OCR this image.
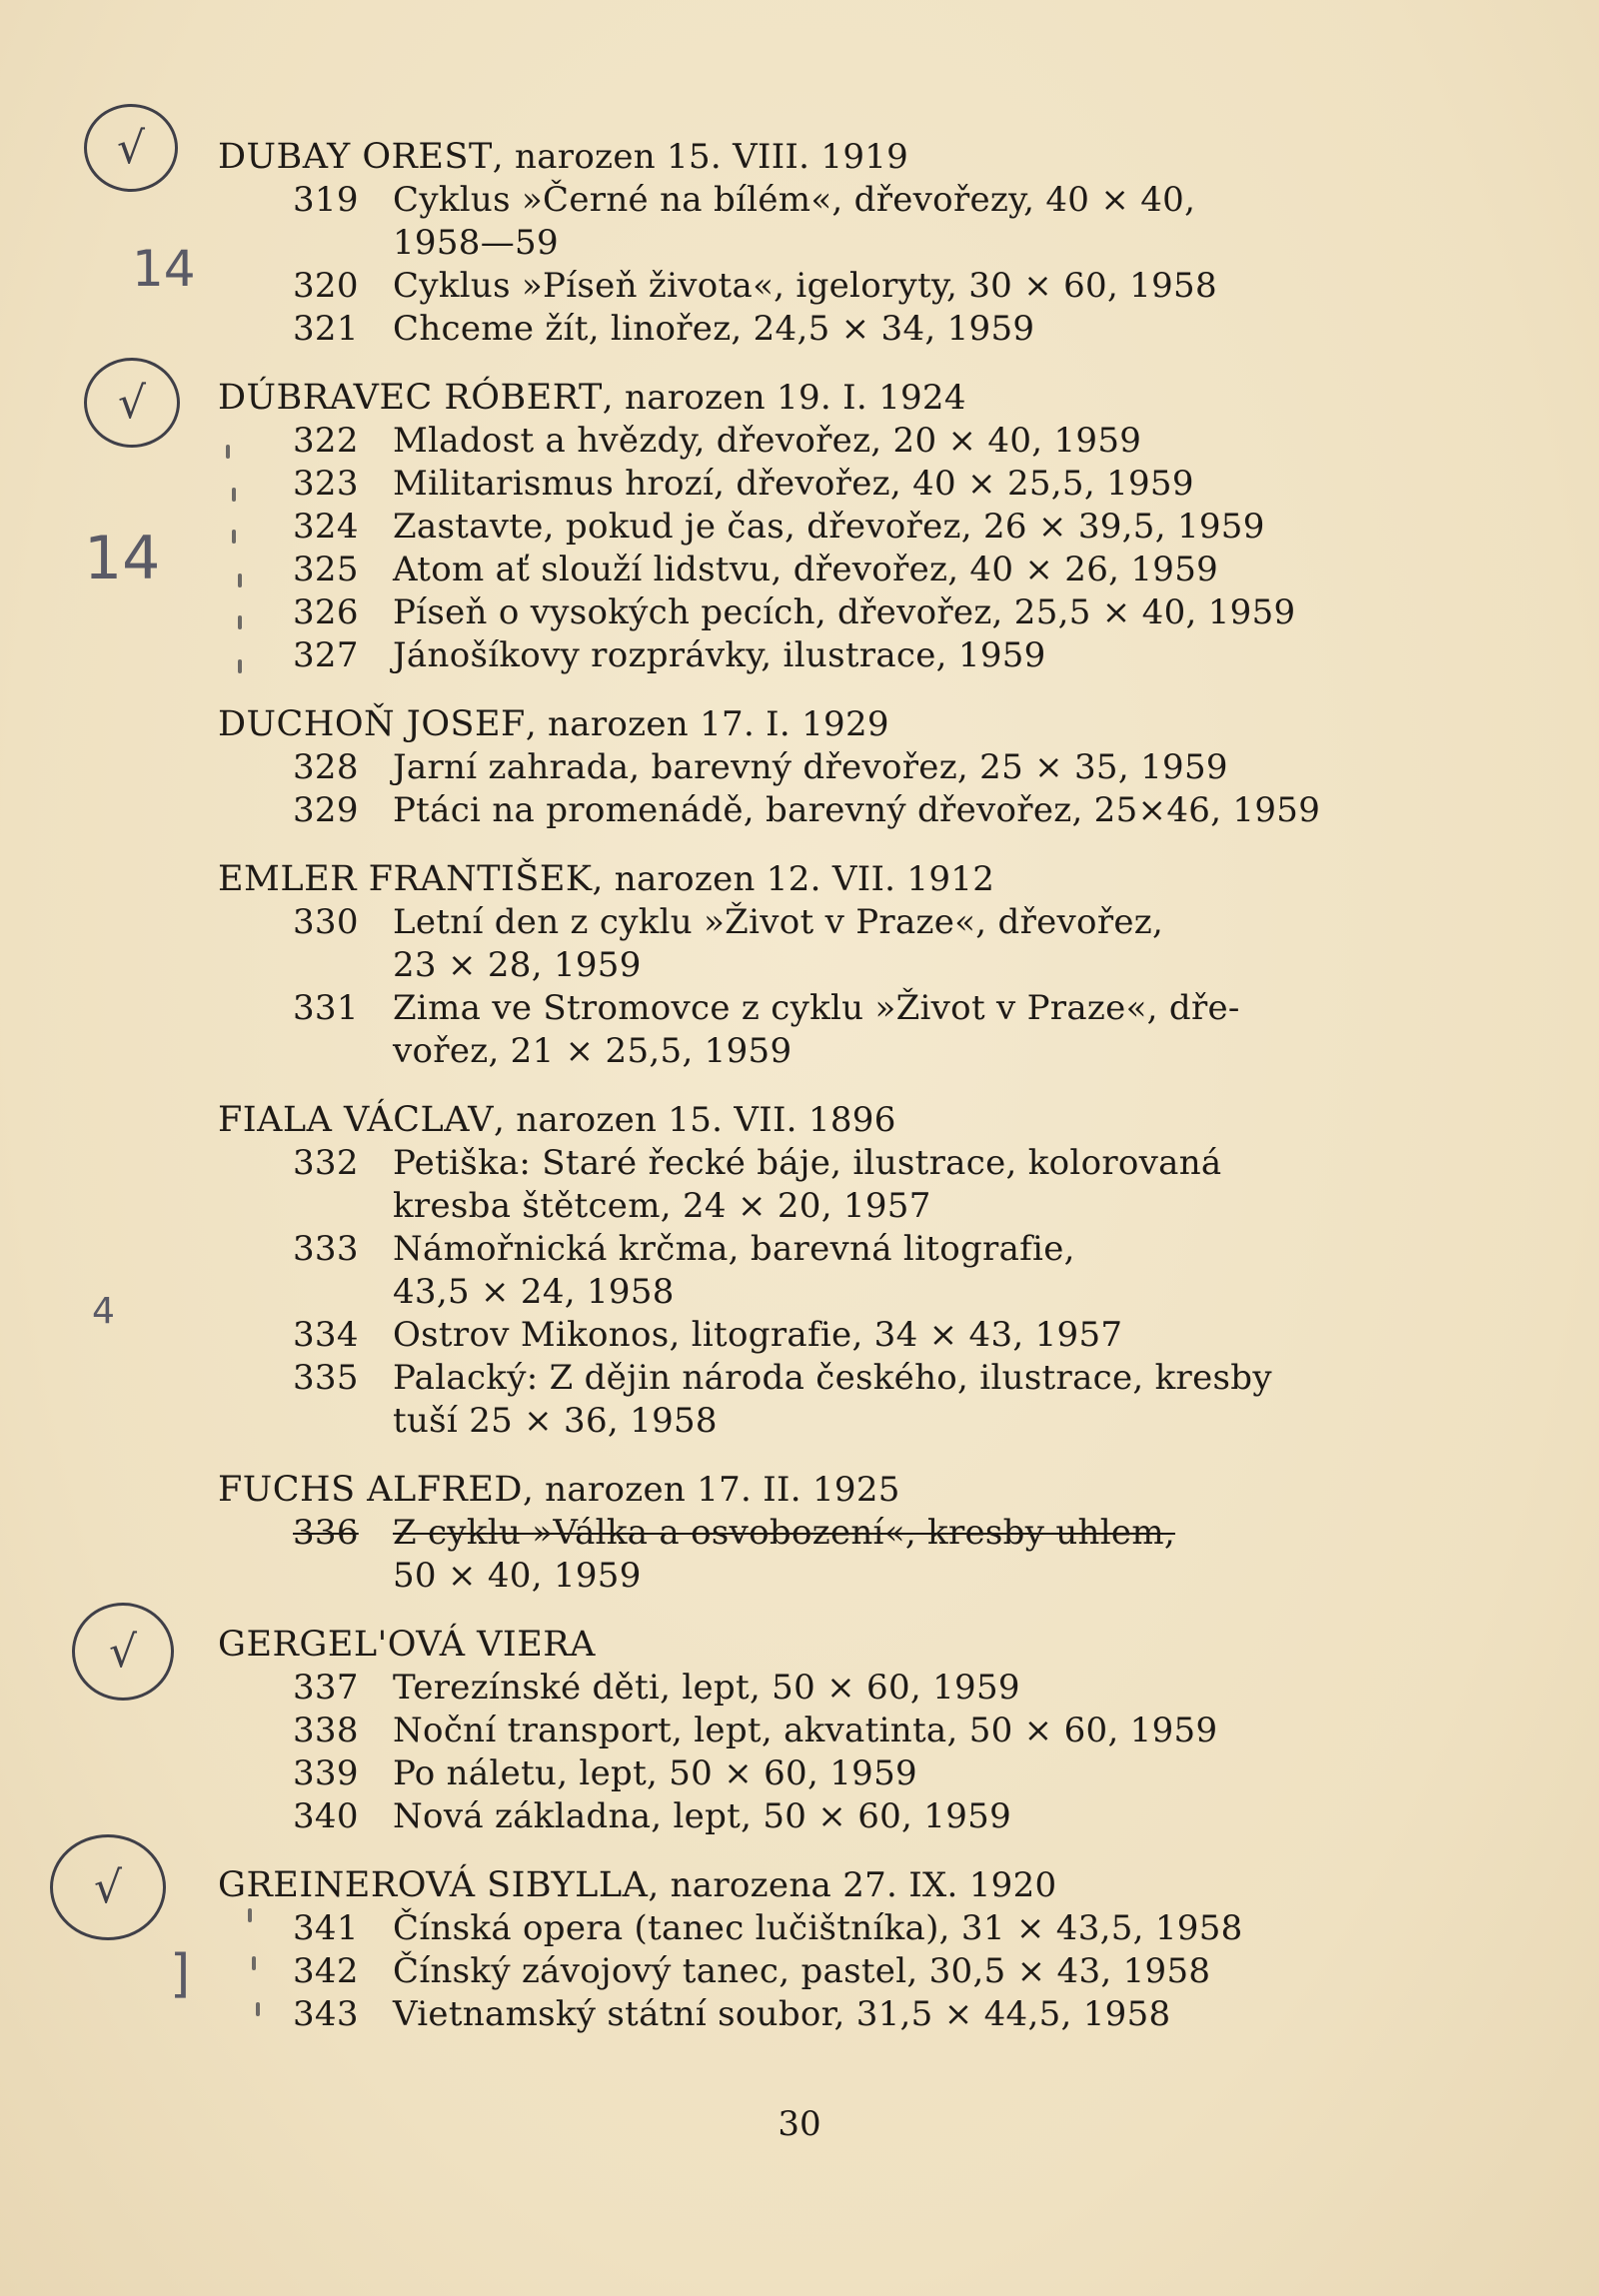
√
√
√
√
14
14
4
]

DUBAY OREST, narozen 15. VIII. 1919

319	Cyklus »Černé na bílém«, dřevořezy, 40 × 40,
1958—59
320	Cyklus »Píseň života«, igeloryty, 30 × 60, 1958
321	Chceme žít, linořez, 24,5 × 34, 1959

DÚBRAVEC RÓBERT, narozen 19. I. 1924

322	Mladost a hvězdy, dřevořez, 20 × 40, 1959
323	Militarismus hrozí, dřevořez, 40 × 25,5, 1959
324	Zastavte, pokud je čas, dřevořez, 26 × 39,5, 1959
325	Atom ať slouží lidstvu, dřevořez, 40 × 26, 1959
326	Píseň o vysokých pecích, dřevořez, 25,5 × 40, 1959
327	Jánošíkovy rozprávky, ilustrace, 1959

DUCHOŇ JOSEF, narozen 17. I. 1929

328	Jarní zahrada, barevný dřevořez, 25 × 35, 1959
329	Ptáci na promenádě, barevný dřevořez, 25×46, 1959

EMLER FRANTIŠEK, narozen 12. VII. 1912

330	Letní den z cyklu »Život v Praze«, dřevořez,
23 × 28, 1959
331	Zima ve Stromovce z cyklu »Život v Praze«, dře-
vořez, 21 × 25,5, 1959

FIALA VÁCLAV, narozen 15. VII. 1896

332	Petiška: Staré řecké báje, ilustrace, kolorovaná
kresba štětcem, 24 × 20, 1957
333	Námořnická krčma, barevná litografie,
43,5 × 24, 1958
334	Ostrov Mikonos, litografie, 34 × 43, 1957
335	Palacký: Z dějin národa českého, ilustrace, kresby
tuší 25 × 36, 1958

FUCHS ALFRED, narozen 17. II. 1925

336	Z cyklu »Válka a osvobození«, kresby uhlem,
50 × 40, 1959

GERGEL'OVÁ VIERA

337	Terezínské děti, lept, 50 × 60, 1959
338	Noční transport, lept, akvatinta, 50 × 60, 1959
339	Po náletu, lept, 50 × 60, 1959
340	Nová základna, lept, 50 × 60, 1959

GREINEROVÁ SIBYLLA, narozena 27. IX. 1920

341	Čínská opera (tanec lučištníka), 31 × 43,5, 1958
342	Čínský závojový tanec, pastel, 30,5 × 43, 1958
343	Vietnamský státní soubor, 31,5 × 44,5, 1958
30
